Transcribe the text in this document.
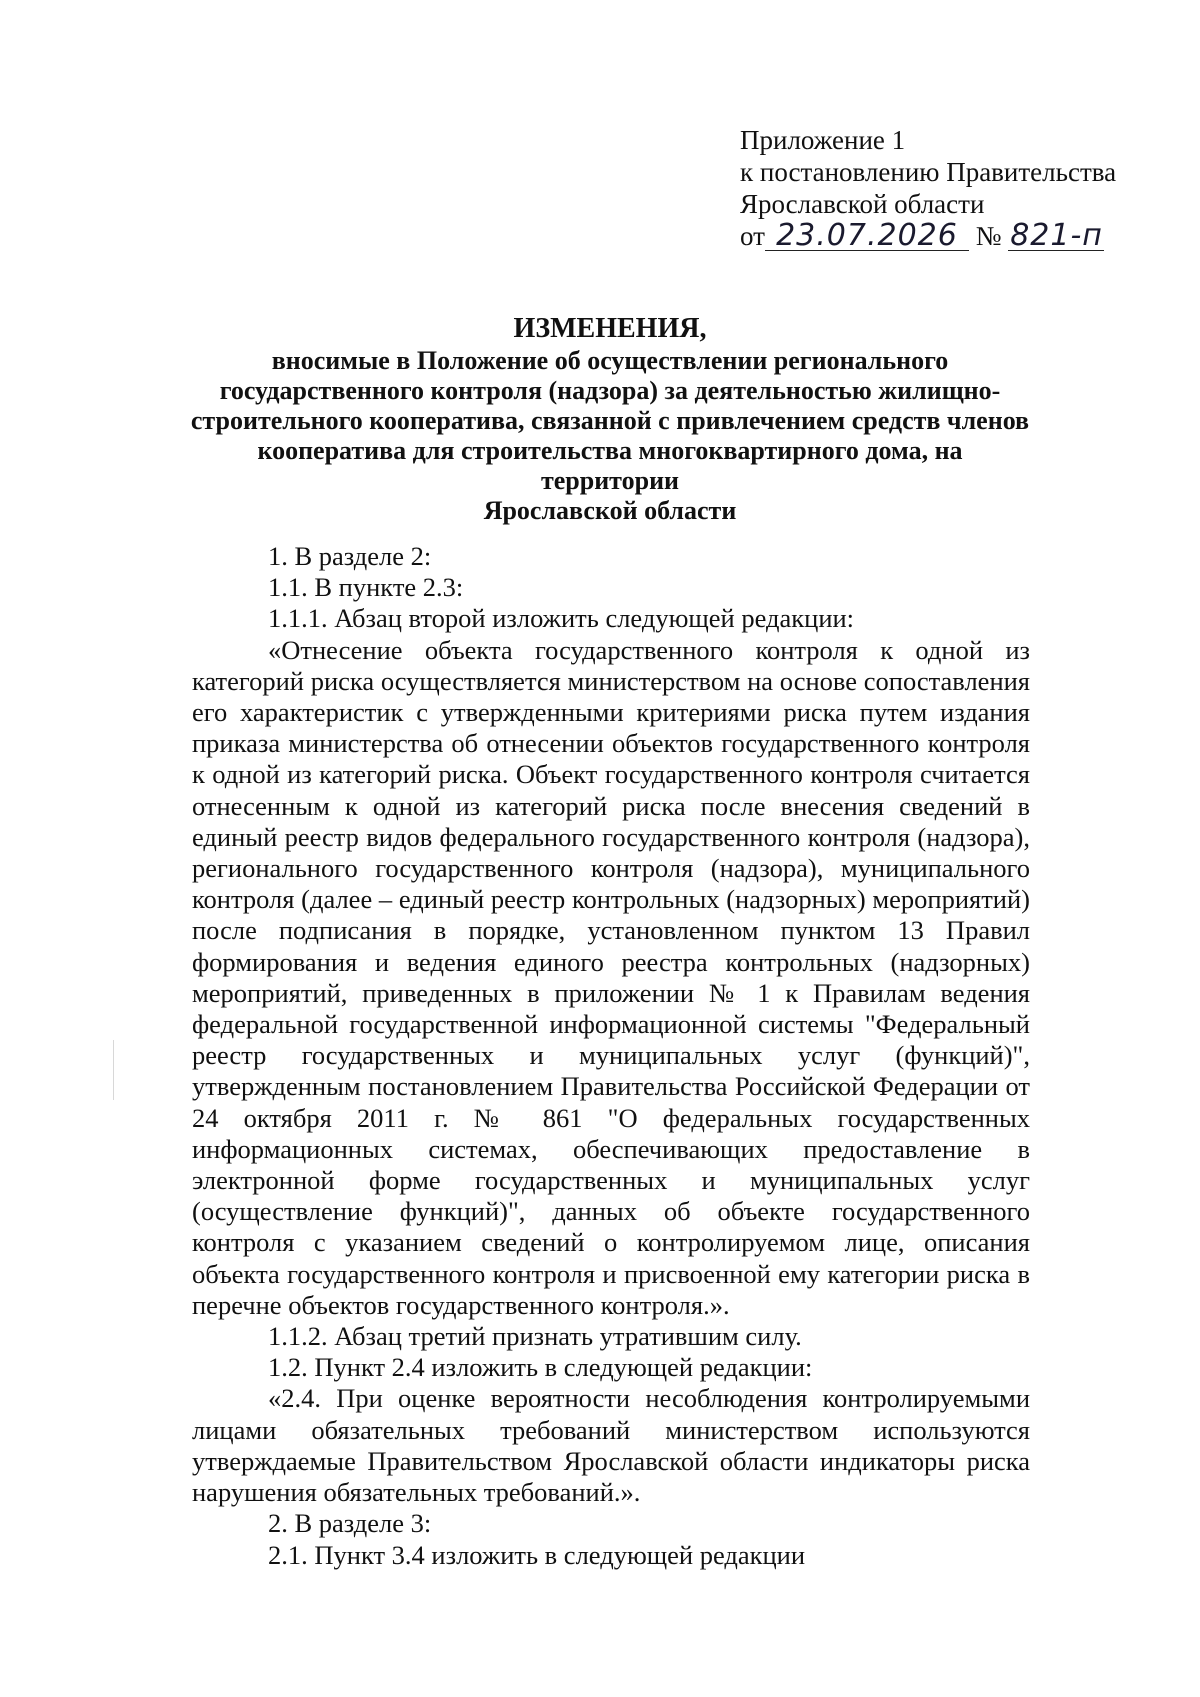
Приложение 1
к постановлению Правительства
Ярославской области
от 23.07.2026 № 821-п
ИЗМЕНЕНИЯ,
вносимые в Положение об осуществлении регионального
государственного контроля (надзора) за деятельностью жилищно-
строительного кооператива, связанной с привлечением средств членов
кооператива для строительства многоквартирного дома, на территории
Ярославской области

1. В разделе 2:

1.1. В пункте 2.3:

1.1.1. Абзац второй изложить следующей редакции:

«Отнесение объекта государственного контроля к одной из категорий риска осуществляется министерством на основе сопоставления его характеристик с утвержденными критериями риска путем издания приказа министерства об отнесении объектов государственного контроля к одной из категорий риска. Объект государственного контроля считается отнесенным к одной из категорий риска после внесения сведений в единый реестр видов федерального государственного контроля (надзора), регионального государственного контроля (надзора), муниципального контроля (далее – единый реестр контрольных (надзорных) мероприятий) после подписания в порядке, установленном пунктом 13 Правил формирования и ведения единого реестра контрольных (надзорных) мероприятий, приведенных в приложении № 1 к Правилам ведения федеральной государственной информационной системы "Федеральный реестр государственных и муниципальных услуг (функций)", утвержденным постановлением Правительства Российской Федерации от 24 октября 2011 г. № 861 "О федеральных государственных информационных системах, обеспечивающих предоставление в электронной форме государственных и муниципальных услуг (осуществление функций)", данных об объекте государственного контроля с указанием сведений о контролируемом лице, описания объекта государственного контроля и присвоенной ему категории риска в перечне объектов государственного контроля.».

1.1.2. Абзац третий признать утратившим силу.

1.2. Пункт 2.4 изложить в следующей редакции:

«2.4. При оценке вероятности несоблюдения контролируемыми лицами обязательных требований министерством используются утверждаемые Правительством Ярославской области индикаторы риска нарушения обязательных требований.».

2. В разделе 3:

2.1. Пункт 3.4 изложить в следующей редакции
